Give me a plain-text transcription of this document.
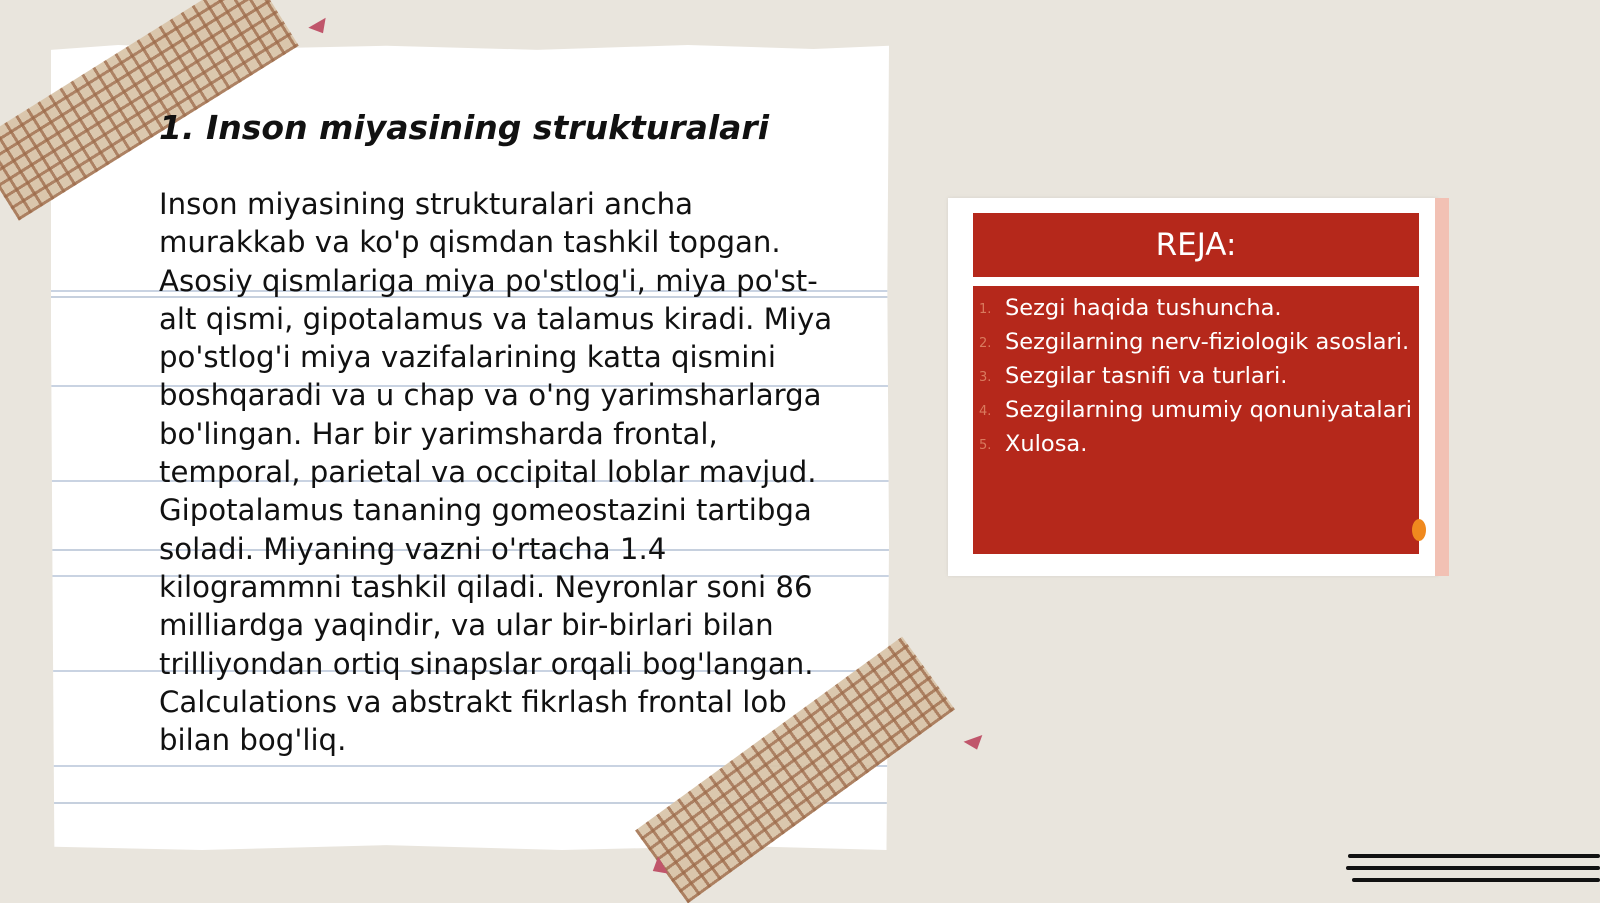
1. Inson miyasining strukturalari

Inson miyasining strukturalari ancha murakkab va ko'p qismdan tashkil topgan. Asosiy qismlariga miya po'stlog'i, miya po'st-alt qismi, gipotalamus va talamus kiradi. Miya po'stlog'i miya vazifalarining katta qismini boshqaradi va u chap va o'ng yarimsharlarga bo'lingan. Har bir yarimsharda frontal, temporal, parietal va occipital loblar mavjud. Gipotalamus tananing gomeostazini tartibga soladi. Miyaning vazni o'rtacha 1.4 kilogrammni tashkil qiladi. Neyronlar soni 86 milliardga yaqindir, va ular bir-birlari bilan trilliyondan ortiq sinapslar orqali bog'langan. Calculations va abstrakt fikrlash frontal lob bilan bog'liq.

REJA:
1. Sezgi haqida tushuncha.
2. Sezgilarning nerv-fiziologik asoslari.
3. Sezgilar tasnifi va turlari.
4. Sezgilarning umumiy qonuniyatalari
5. Xulosa.
